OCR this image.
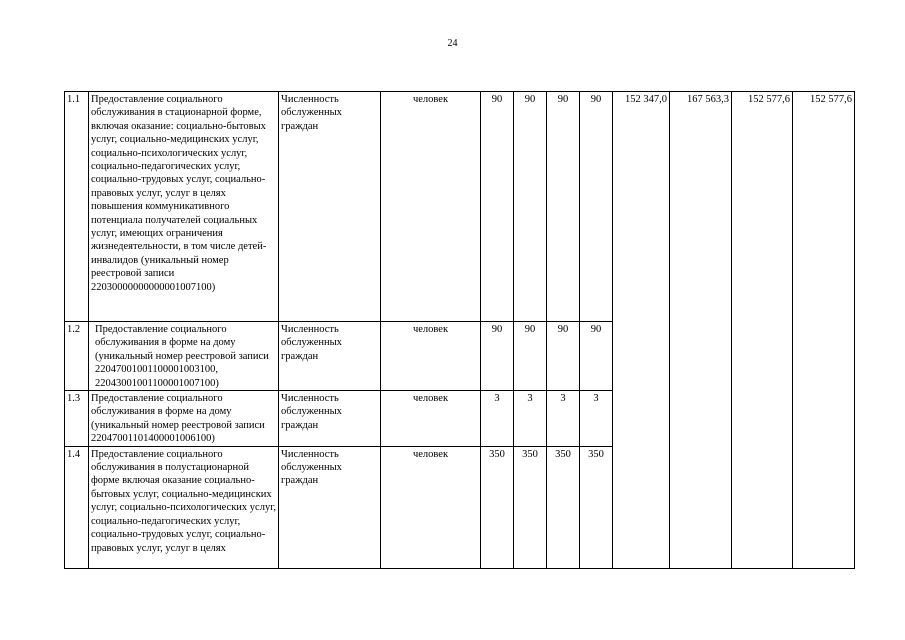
24
1.1	Предоставление социального обслуживания в стационарной форме, включая оказание: социально-бытовых услуг, социально-медицинских услуг, социально-психологических услуг, социально-педагогических услуг, социально-трудовых услуг, социально-правовых услуг, услуг в целях повышения коммуникативного потенциала получателей социальных услуг, имеющих ограничения жизнедеятельности, в том числе детей-инвалидов (уникальный номер реестровой записи 22030000000000001007100)	Численность обслуженных граждан	человек	90	90	90	90	152 347,0	167 563,3	152 577,6	152 577,6
1.2	Предоставление социального обслуживания в форме на дому (уникальный номер реестровой записи 22047001001100001003100, 22043001001100001007100)	Численность обслуженных граждан	человек	90	90	90	90				
1.3	Предоставление социального обслуживания в форме на дому (уникальный номер реестровой записи 22047001101400001006100)	Численность обслуженных граждан	человек	3	3	3	3				
1.4	Предоставление социального обслуживания в полустационарной форме включая оказание социально-бытовых услуг, социально-медицинских услуг, социально-психологических услуг, социально-педагогических услуг, социально-трудовых услуг, социально-правовых услуг, услуг в целях	Численность обслуженных граждан	человек	350	350	350	350				
